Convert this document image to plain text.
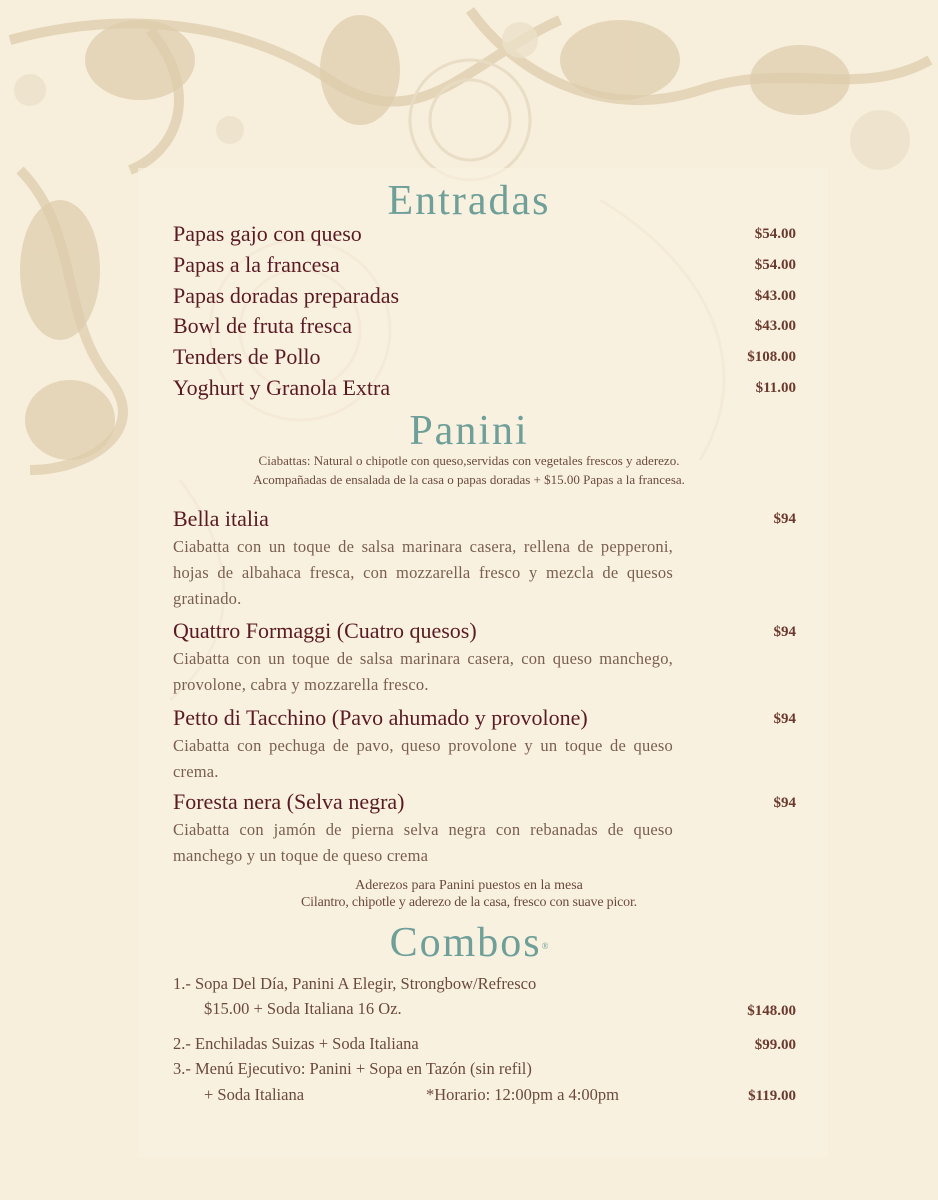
Entradas
Papas gajo con queso	$54.00
Papas a la francesa	$54.00
Papas doradas preparadas	$43.00
Bowl de fruta fresca	$43.00
Tenders de Pollo	$108.00
Yoghurt y Granola Extra	$11.00
Panini
Ciabattas: Natural o chipotle con queso,servidas con vegetales frescos y aderezo.
Acompañadas de ensalada de la casa o papas doradas + $15.00 Papas a la francesa.
Bella italia	$94
Ciabatta con un toque de salsa marinara casera, rellena de pepperoni, hojas de albahaca fresca, con mozzarella fresco y mezcla de quesos gratinado.
Quattro Formaggi (Cuatro quesos)	$94
Ciabatta con un toque de salsa marinara casera, con queso manchego, provolone, cabra y mozzarella fresco.
Petto di Tacchino (Pavo ahumado y provolone)	$94
Ciabatta con pechuga de pavo, queso provolone y un toque de queso crema.
Foresta nera (Selva negra)	$94
Ciabatta con jamón de pierna selva negra con rebanadas de queso manchego y un toque de queso crema
Aderezos para Panini puestos en la mesa
Cilantro, chipotle y aderezo de la casa, fresco con suave picor.
Combos®
1.- Sopa Del Día, Panini A Elegir, Strongbow/Refresco
$15.00 + Soda Italiana 16 Oz.	$148.00
2.- Enchiladas Suizas + Soda Italiana	$99.00
3.- Menú Ejecutivo: Panini + Sopa en Tazón (sin refil)
+ Soda Italiana	*Horario: 12:00pm a 4:00pm	$119.00
